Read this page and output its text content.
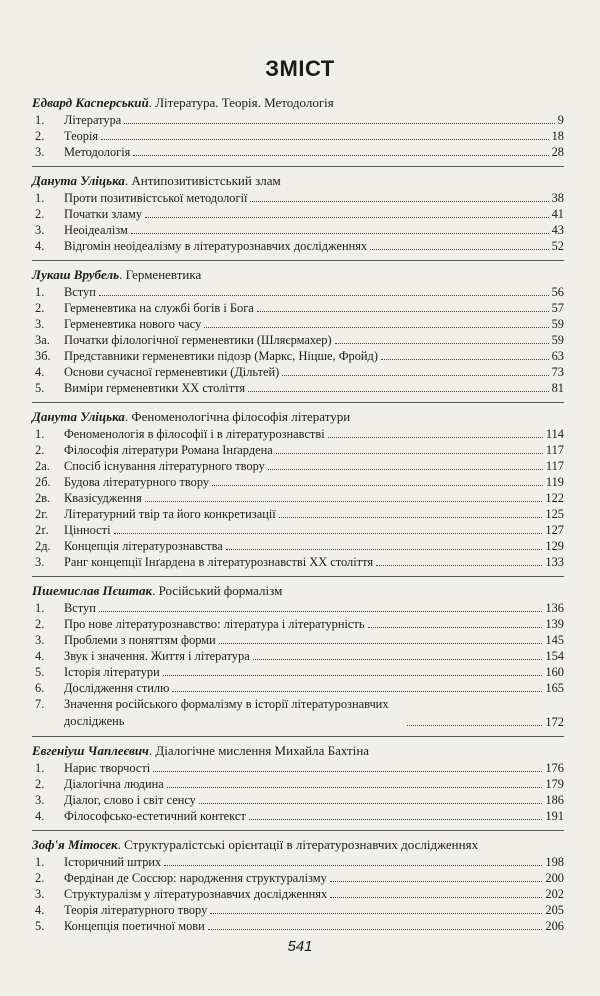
ЗМІСТ
Едвард Касперський. Література. Теорія. Методологія
1.	Література	9
2.	Теорія	18
3.	Методологія	28
Данута Уліцька. Антипозитивістський злам
1.	Проти позитивістської методології	38
2.	Початки зламу	41
3.	Неоідеалізм	43
4.	Відгомін неоідеалізму в літературознавчих дослідженнях	52
Лукаш Врубель. Герменевтика
1.	Вступ	56
2.	Герменевтика на службі богів і Бога	57
3.	Герменевтика нового часу	59
3а.	Початки філологічної герменевтики (Шляєрмахер)	59
3б.	Представники герменевтики підозр (Маркс, Ніцше, Фройд)	63
4.	Основи сучасної герменевтики (Дільтей)	73
5.	Виміри герменевтики XX століття	81
Данута Уліцька. Феноменологічна філософія літератури
1.	Феноменологія в філософії і в літературознавстві	114
2.	Філософія літератури Романа Інґардена	117
2а.	Спосіб існування літературного твору	117
2б.	Будова літературного твору	119
2в.	Квазісудження	122
2г.	Літературний твір та його конкретизації	125
2ґ.	Цінності	127
2д.	Концепція літературознавства	129
3.	Ранг концепції Інґардена в літературознавстві XX століття	133
Пшемислав Пєштак. Російський формалізм
1.	Вступ	136
2.	Про нове літературознавство: література і літературність	139
3.	Проблеми з поняттям форми	145
4.	Звук і значення. Життя і література	154
5.	Історія літератури	160
6.	Дослідження стилю	165
7.	Значення російського формалізму в історії літературознавчих досліджень	172
Евгеніуш Чаплеєвич. Діалогічне мислення Михайла Бахтіна
1.	Нарис творчості	176
2.	Діалогічна людина	179
3.	Діалог, слово і світ сенсу	186
4.	Філософсько-естетичний контекст	191
Зоф'я Мітосек. Структуралістські орієнтації в літературознавчих дослідженнях
1.	Історичний штрих	198
2.	Фердінан де Соссюр: народження структуралізму	200
3.	Структуралізм у літературознавчих дослідженнях	202
4.	Теорія літературного твору	205
5.	Концепція поетичної мови	206
541
